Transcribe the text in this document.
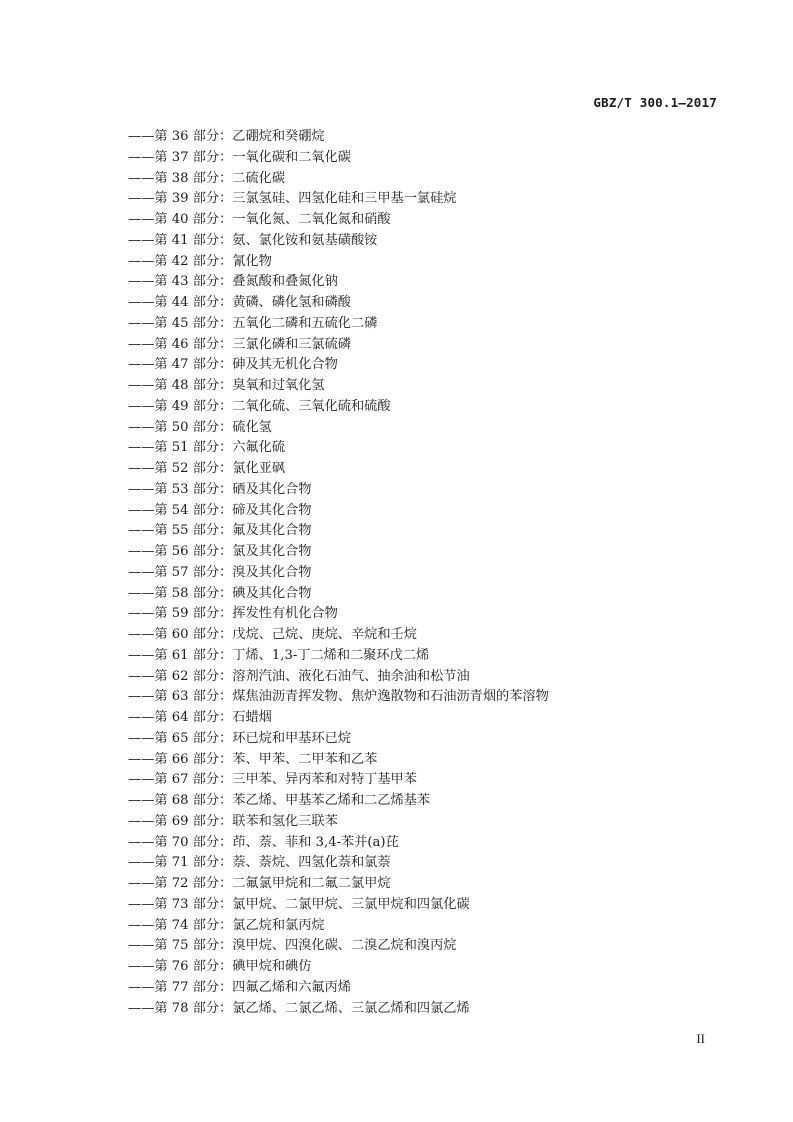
GBZ/T 300.1—2017
——第 36 部分：乙硼烷和癸硼烷
——第 37 部分：一氧化碳和二氧化碳
——第 38 部分：二硫化碳
——第 39 部分：三氯氢硅、四氢化硅和三甲基一氯硅烷
——第 40 部分：一氧化氮、二氧化氮和硝酸
——第 41 部分：氨、氯化铵和氨基磺酸铵
——第 42 部分：氰化物
——第 43 部分：叠氮酸和叠氮化钠
——第 44 部分：黄磷、磷化氢和磷酸
——第 45 部分：五氧化二磷和五硫化二磷
——第 46 部分：三氯化磷和三氯硫磷
——第 47 部分：砷及其无机化合物
——第 48 部分：臭氧和过氧化氢
——第 49 部分：二氧化硫、三氧化硫和硫酸
——第 50 部分：硫化氢
——第 51 部分：六氟化硫
——第 52 部分：氯化亚砜
——第 53 部分：硒及其化合物
——第 54 部分：碲及其化合物
——第 55 部分：氟及其化合物
——第 56 部分：氯及其化合物
——第 57 部分：溴及其化合物
——第 58 部分：碘及其化合物
——第 59 部分：挥发性有机化合物
——第 60 部分：戊烷、己烷、庚烷、辛烷和壬烷
——第 61 部分：丁烯、1,3-丁二烯和二聚环戊二烯
——第 62 部分：溶剂汽油、液化石油气、抽余油和松节油
——第 63 部分：煤焦油沥青挥发物、焦炉逸散物和石油沥青烟的苯溶物
——第 64 部分：石蜡烟
——第 65 部分：环已烷和甲基环已烷
——第 66 部分：苯、甲苯、二甲苯和乙苯
——第 67 部分：三甲苯、异丙苯和对特丁基甲苯
——第 68 部分：苯乙烯、甲基苯乙烯和二乙烯基苯
——第 69 部分：联苯和氢化三联苯
——第 70 部分：茚、萘、菲和 3,4-苯并(a)芘
——第 71 部分：萘、萘烷、四氢化萘和氯萘
——第 72 部分：二氟氯甲烷和二氟二氯甲烷
——第 73 部分：氯甲烷、二氯甲烷、三氯甲烷和四氯化碳
——第 74 部分：氯乙烷和氯丙烷
——第 75 部分：溴甲烷、四溴化碳、二溴乙烷和溴丙烷
——第 76 部分：碘甲烷和碘仿
——第 77 部分：四氟乙烯和六氟丙烯
——第 78 部分：氯乙烯、二氯乙烯、三氯乙烯和四氯乙烯
II
